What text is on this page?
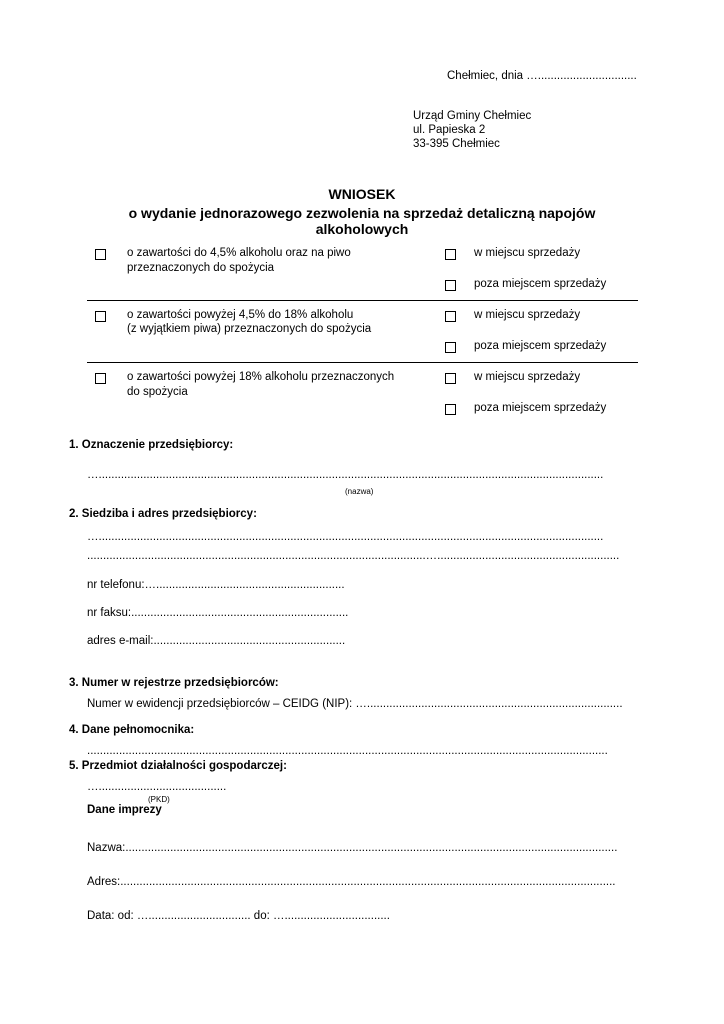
Chełmiec, dnia …...............................
Urząd Gminy Chełmiec
ul. Papieska 2
33-395 Chełmiec
WNIOSEK
o wydanie jednorazowego zezwolenia na sprzedaż detaliczną napojów
alkoholowych
o zawartości do 4,5% alkoholu oraz na piwo
przeznaczonych do spożycia
w miejscu sprzedaży
poza miejscem sprzedaży
o zawartości powyżej 4,5% do 18% alkoholu
(z wyjątkiem piwa) przeznaczonych do spożycia
w miejscu sprzedaży
poza miejscem sprzedaży
o zawartości powyżej 18% alkoholu przeznaczonych
do spożycia
w miejscu sprzedaży
poza miejscem sprzedaży
1. Oznaczenie przedsiębiorcy:
…..............................................................................................................................................................
(nazwa)
2. Siedziba i adres przedsiębiorcy:
…..............................................................................................................................................................
..........................................................................................................….........................................................
nr telefonu:…...........................................................
nr faksu:....................................................................
adres e-mail:............................................................
3. Numer w rejestrze przedsiębiorców:
Numer w ewidencji przedsiębiorców – CEIDG (NIP): …................................................................................
4. Dane pełnomocnika:
...................................................................................................................................................................
5. Przedmiot działalności gospodarczej:
…........................................
(PKD)
Dane imprezy
Nazwa:..........................................................................................................................................................
Adres:...........................................................................................................................................................
Data: od: …................................ do: ….................................
